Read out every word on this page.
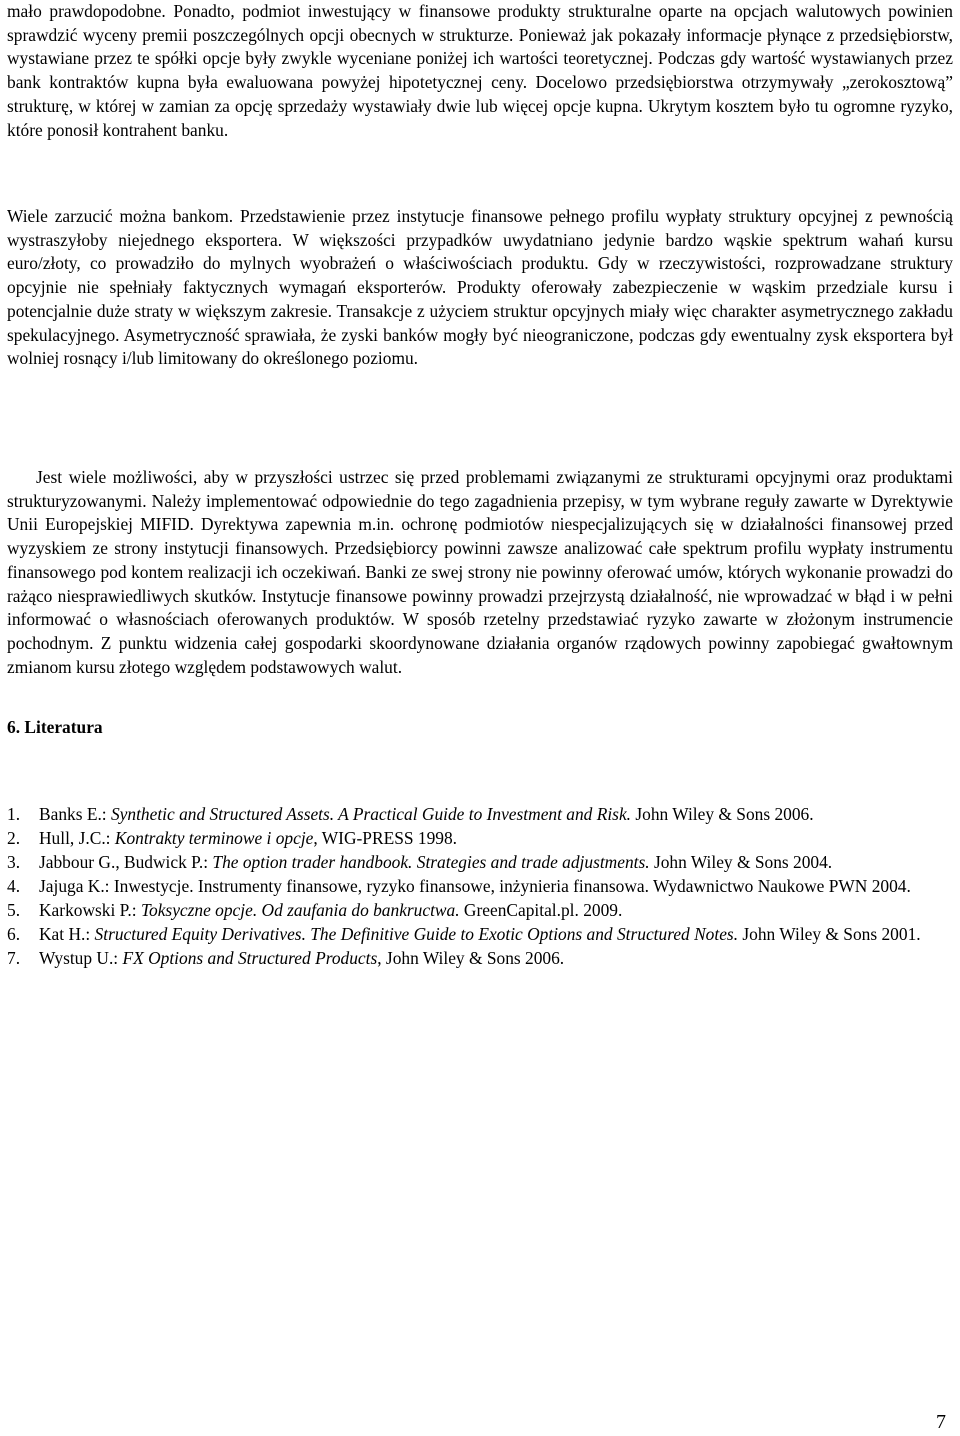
mało prawdopodobne. Ponadto, podmiot inwestujący w finansowe produkty strukturalne oparte na opcjach walutowych powinien sprawdzić wyceny premii poszczególnych opcji obecnych w strukturze. Ponieważ jak pokazały informacje płynące z przedsiębiorstw, wystawiane przez te spółki opcje były zwykle wyceniane poniżej ich wartości teoretycznej. Podczas gdy wartość wystawianych przez bank kontraktów kupna była ewaluowana powyżej hipotetycznej ceny. Docelowo przedsiębiorstwa otrzymywały „zerokosztową” strukturę, w której w zamian za opcję sprzedaży wystawiały dwie lub więcej opcje kupna. Ukrytym kosztem było tu ogromne ryzyko, które ponosił kontrahent banku.

Wiele zarzucić można bankom. Przedstawienie przez instytucje finansowe pełnego profilu wypłaty struktury opcyjnej z pewnością wystraszyłoby niejednego eksportera. W większości przypadków uwydatniano jedynie bardzo wąskie spektrum wahań kursu euro/złoty, co prowadziło do mylnych wyobrażeń o właściwościach produktu. Gdy w rzeczywistości, rozprowadzane struktury opcyjnie nie spełniały faktycznych wymagań eksporterów. Produkty oferowały zabezpieczenie w wąskim przedziale kursu i potencjalnie duże straty w większym zakresie. Transakcje z użyciem struktur opcyjnych miały więc charakter asymetrycznego zakładu spekulacyjnego. Asymetryczność sprawiała, że zyski banków mogły być nieograniczone, podczas gdy ewentualny zysk eksportera był wolniej rosnący i/lub limitowany do określonego poziomu.

Jest wiele możliwości, aby w przyszłości ustrzec się przed problemami związanymi ze strukturami opcyjnymi oraz produktami strukturyzowanymi. Należy implementować odpowiednie do tego zagadnienia przepisy, w tym wybrane reguły zawarte w Dyrektywie Unii Europejskiej MIFID. Dyrektywa zapewnia m.in. ochronę podmiotów niespecjalizujących się w działalności finansowej przed wyzyskiem ze strony instytucji finansowych. Przedsiębiorcy powinni zawsze analizować całe spektrum profilu wypłaty instrumentu finansowego pod kontem realizacji ich oczekiwań. Banki ze swej strony nie powinny oferować umów, których wykonanie prowadzi do rażąco niesprawiedliwych skutków. Instytucje finansowe powinny prowadzi przejrzystą działalność, nie wprowadzać w błąd i w pełni informować o własnościach oferowanych produktów. W sposób rzetelny przedstawiać ryzyko zawarte w złożonym instrumencie pochodnym. Z punktu widzenia całej gospodarki skoordynowane działania organów rządowych powinny zapobiegać gwałtownym zmianom kursu złotego względem podstawowych walut.

6. Literatura
1. Banks E.: Synthetic and Structured Assets. A Practical Guide to Investment and Risk. John Wiley & Sons 2006.
2. Hull, J.C.: Kontrakty terminowe i opcje, WIG-PRESS 1998.
3. Jabbour G., Budwick P.: The option trader handbook. Strategies and trade adjustments. John Wiley & Sons 2004.
4. Jajuga K.: Inwestycje. Instrumenty finansowe, ryzyko finansowe, inżynieria finansowa. Wydawnictwo Naukowe PWN 2004.
5. Karkowski P.: Toksyczne opcje. Od zaufania do bankructwa. GreenCapital.pl. 2009.
6. Kat H.: Structured Equity Derivatives. The Definitive Guide to Exotic Options and Structured Notes. John Wiley & Sons 2001.
7. Wystup U.: FX Options and Structured Products, John Wiley & Sons 2006.

7
